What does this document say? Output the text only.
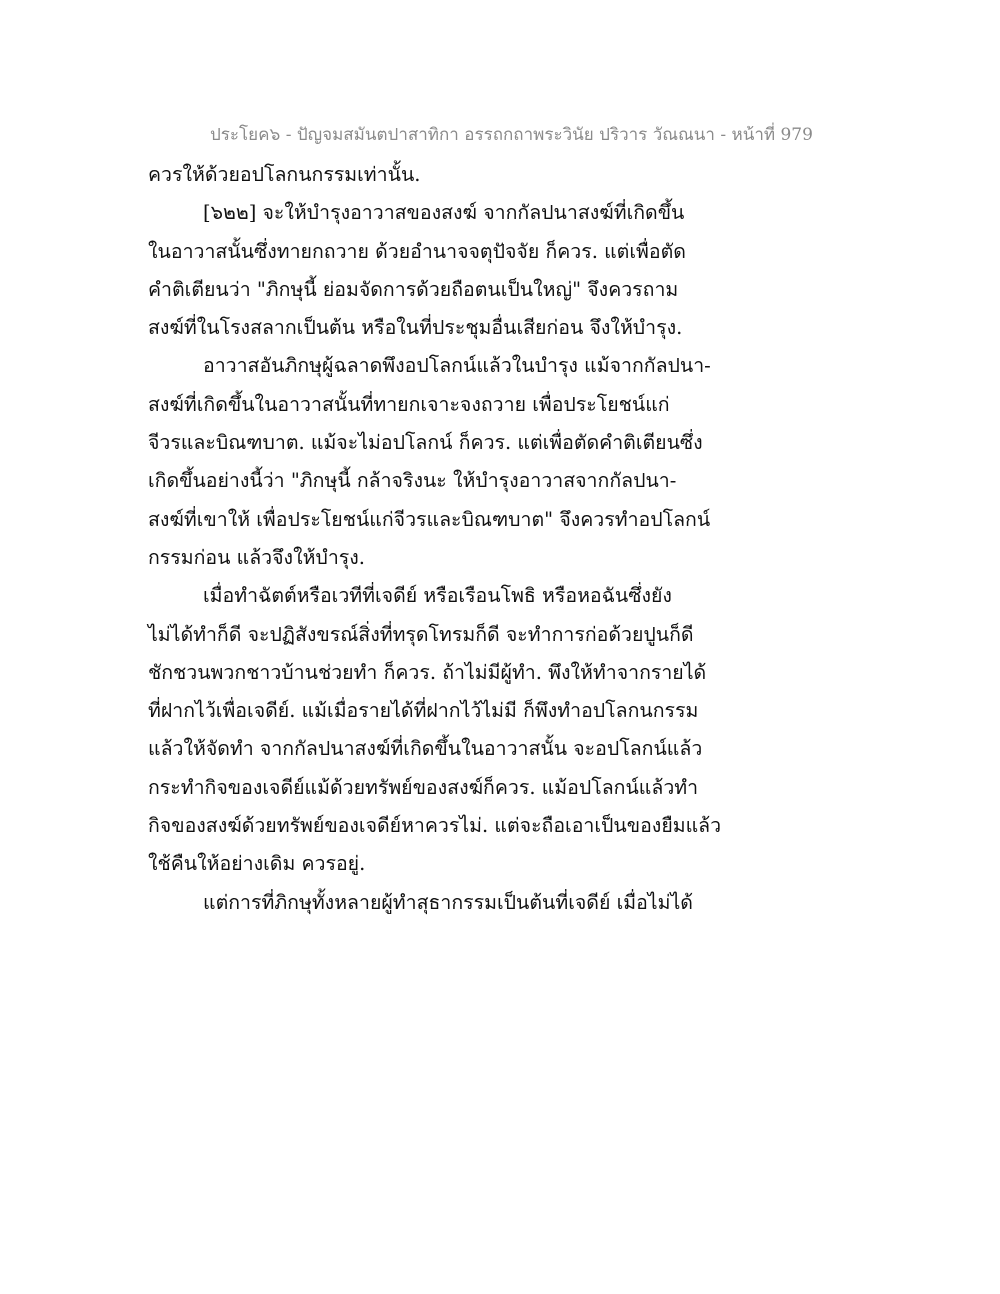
ประโยค๖ - ปัญจมสมันตปาสาทิกา อรรถกถาพระวินัย ปริวาร วัณณนา - หน้าที่ 979
ควรให้ด้วยอปโลกนกรรมเท่านั้น.
[๖๒๒] จะให้บำรุงอาวาสของสงฆ์ จากกัลปนาสงฆ์ที่เกิดขึ้น
ในอาวาสนั้นซึ่งทายกถวาย ด้วยอำนาจจตุปัจจัย ก็ควร. แต่เพื่อตัด
คำติเตียนว่า "ภิกษุนี้ ย่อมจัดการด้วยถือตนเป็นใหญ่" จึงควรถาม
สงฆ์ที่ในโรงสลากเป็นต้น หรือในที่ประชุมอื่นเสียก่อน จึงให้บำรุง.
อาวาสอันภิกษุผู้ฉลาดพึงอปโลกน์แล้วในบำรุง แม้จากกัลปนา-
สงฆ์ที่เกิดขึ้นในอาวาสนั้นที่ทายกเจาะจงถวาย เพื่อประโยชน์แก่
จีวรและบิณฑบาต. แม้จะไม่อปโลกน์ ก็ควร. แต่เพื่อตัดคำติเตียนซึ่ง
เกิดขึ้นอย่างนี้ว่า "ภิกษุนี้ กล้าจริงนะ ให้บำรุงอาวาสจากกัลปนา-
สงฆ์ที่เขาให้ เพื่อประโยชน์แก่จีวรและบิณฑบาต" จึงควรทำอปโลกน์
กรรมก่อน แล้วจึงให้บำรุง.
เมื่อทำฉัตต์หรือเวทีที่เจดีย์ หรือเรือนโพธิ หรือหอฉันซึ่งยัง
ไม่ได้ทำก็ดี จะปฏิสังขรณ์สิ่งที่ทรุดโทรมก็ดี จะทำการก่อด้วยปูนก็ดี
ชักชวนพวกชาวบ้านช่วยทำ ก็ควร. ถ้าไม่มีผู้ทำ. พึงให้ทำจากรายได้
ที่ฝากไว้เพื่อเจดีย์. แม้เมื่อรายได้ที่ฝากไว้ไม่มี ก็พึงทำอปโลกนกรรม
แล้วให้จัดทำ จากกัลปนาสงฆ์ที่เกิดขึ้นในอาวาสนั้น จะอปโลกน์แล้ว
กระทำกิจของเจดีย์แม้ด้วยทรัพย์ของสงฆ์ก็ควร. แม้อปโลกน์แล้วทำ
กิจของสงฆ์ด้วยทรัพย์ของเจดีย์หาควรไม่. แต่จะถือเอาเป็นของยืมแล้ว
ใช้คืนให้อย่างเดิม ควรอยู่.
แต่การที่ภิกษุทั้งหลายผู้ทำสุธากรรมเป็นต้นที่เจดีย์ เมื่อไม่ได้
